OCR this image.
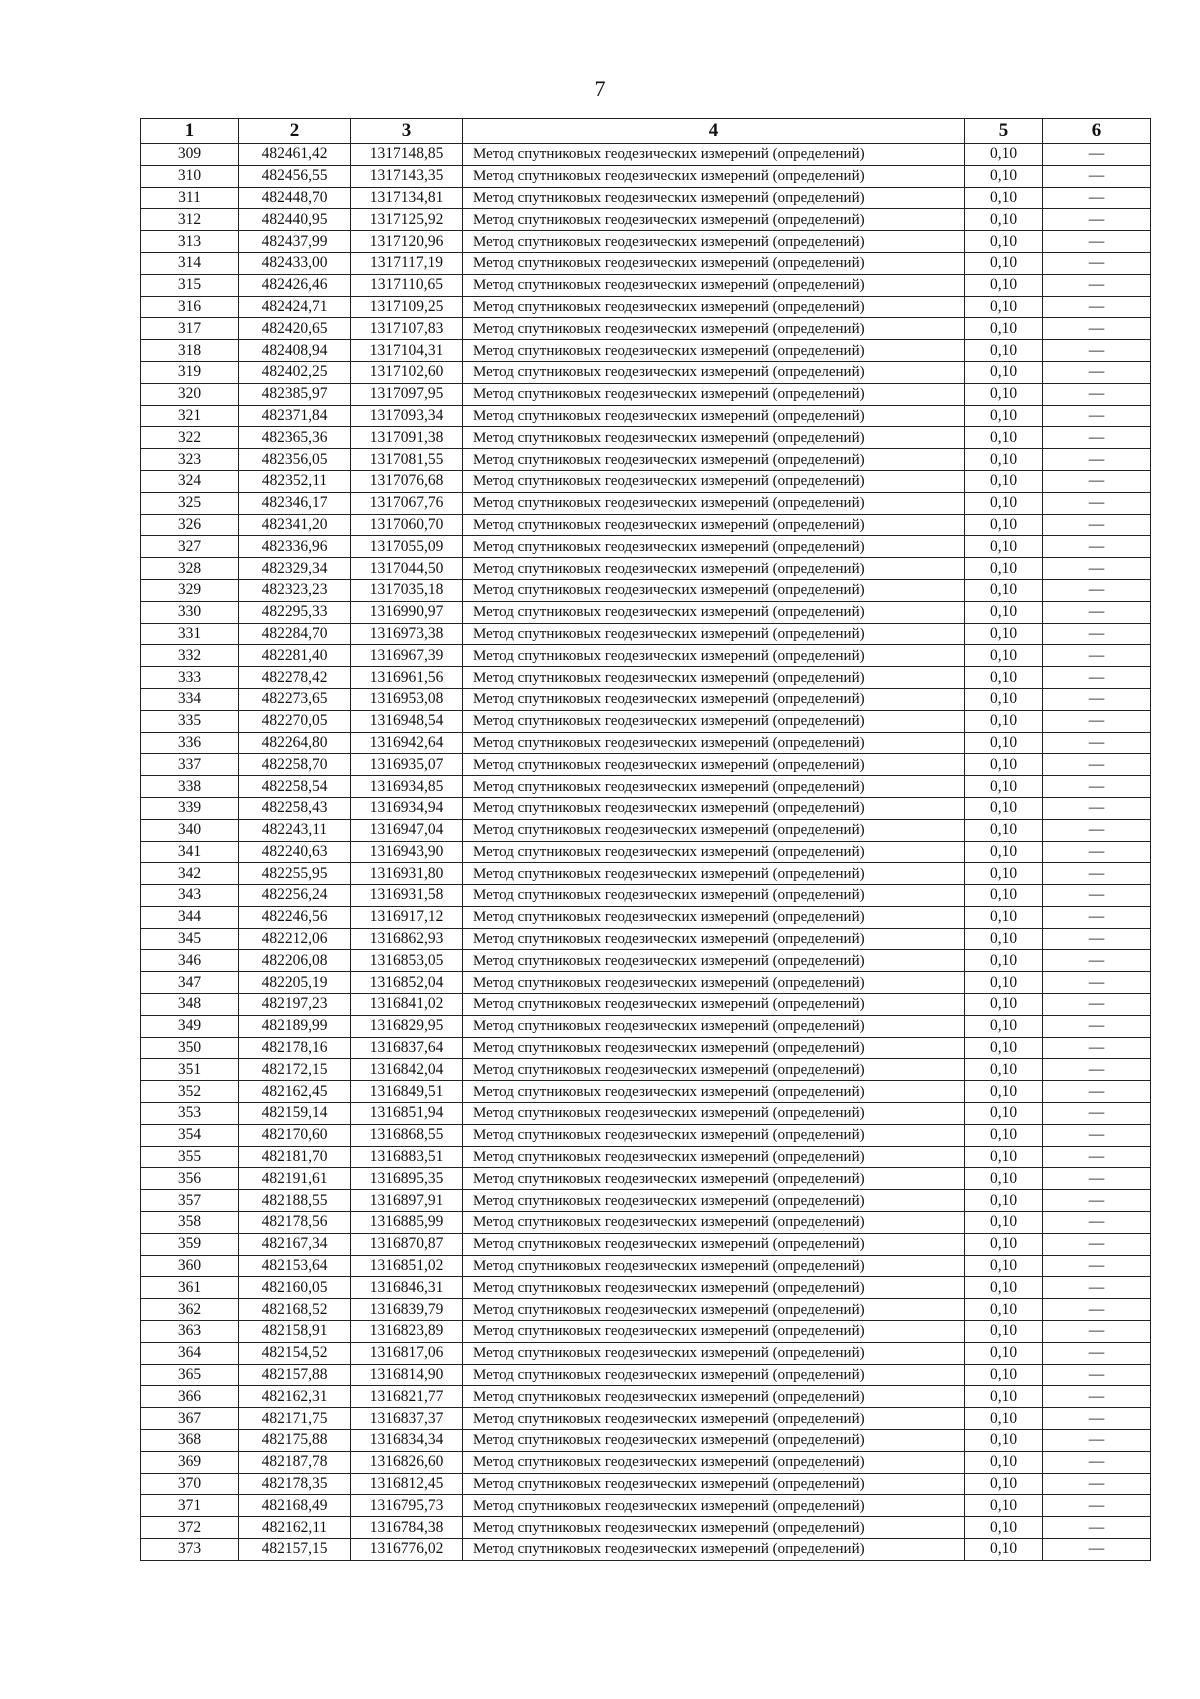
7
1	2	3	4	5	6
309	482461,42	1317148,85	Метод спутниковых геодезических измерений (определений)	0,10	—
310	482456,55	1317143,35	Метод спутниковых геодезических измерений (определений)	0,10	—
311	482448,70	1317134,81	Метод спутниковых геодезических измерений (определений)	0,10	—
312	482440,95	1317125,92	Метод спутниковых геодезических измерений (определений)	0,10	—
313	482437,99	1317120,96	Метод спутниковых геодезических измерений (определений)	0,10	—
314	482433,00	1317117,19	Метод спутниковых геодезических измерений (определений)	0,10	—
315	482426,46	1317110,65	Метод спутниковых геодезических измерений (определений)	0,10	—
316	482424,71	1317109,25	Метод спутниковых геодезических измерений (определений)	0,10	—
317	482420,65	1317107,83	Метод спутниковых геодезических измерений (определений)	0,10	—
318	482408,94	1317104,31	Метод спутниковых геодезических измерений (определений)	0,10	—
319	482402,25	1317102,60	Метод спутниковых геодезических измерений (определений)	0,10	—
320	482385,97	1317097,95	Метод спутниковых геодезических измерений (определений)	0,10	—
321	482371,84	1317093,34	Метод спутниковых геодезических измерений (определений)	0,10	—
322	482365,36	1317091,38	Метод спутниковых геодезических измерений (определений)	0,10	—
323	482356,05	1317081,55	Метод спутниковых геодезических измерений (определений)	0,10	—
324	482352,11	1317076,68	Метод спутниковых геодезических измерений (определений)	0,10	—
325	482346,17	1317067,76	Метод спутниковых геодезических измерений (определений)	0,10	—
326	482341,20	1317060,70	Метод спутниковых геодезических измерений (определений)	0,10	—
327	482336,96	1317055,09	Метод спутниковых геодезических измерений (определений)	0,10	—
328	482329,34	1317044,50	Метод спутниковых геодезических измерений (определений)	0,10	—
329	482323,23	1317035,18	Метод спутниковых геодезических измерений (определений)	0,10	—
330	482295,33	1316990,97	Метод спутниковых геодезических измерений (определений)	0,10	—
331	482284,70	1316973,38	Метод спутниковых геодезических измерений (определений)	0,10	—
332	482281,40	1316967,39	Метод спутниковых геодезических измерений (определений)	0,10	—
333	482278,42	1316961,56	Метод спутниковых геодезических измерений (определений)	0,10	—
334	482273,65	1316953,08	Метод спутниковых геодезических измерений (определений)	0,10	—
335	482270,05	1316948,54	Метод спутниковых геодезических измерений (определений)	0,10	—
336	482264,80	1316942,64	Метод спутниковых геодезических измерений (определений)	0,10	—
337	482258,70	1316935,07	Метод спутниковых геодезических измерений (определений)	0,10	—
338	482258,54	1316934,85	Метод спутниковых геодезических измерений (определений)	0,10	—
339	482258,43	1316934,94	Метод спутниковых геодезических измерений (определений)	0,10	—
340	482243,11	1316947,04	Метод спутниковых геодезических измерений (определений)	0,10	—
341	482240,63	1316943,90	Метод спутниковых геодезических измерений (определений)	0,10	—
342	482255,95	1316931,80	Метод спутниковых геодезических измерений (определений)	0,10	—
343	482256,24	1316931,58	Метод спутниковых геодезических измерений (определений)	0,10	—
344	482246,56	1316917,12	Метод спутниковых геодезических измерений (определений)	0,10	—
345	482212,06	1316862,93	Метод спутниковых геодезических измерений (определений)	0,10	—
346	482206,08	1316853,05	Метод спутниковых геодезических измерений (определений)	0,10	—
347	482205,19	1316852,04	Метод спутниковых геодезических измерений (определений)	0,10	—
348	482197,23	1316841,02	Метод спутниковых геодезических измерений (определений)	0,10	—
349	482189,99	1316829,95	Метод спутниковых геодезических измерений (определений)	0,10	—
350	482178,16	1316837,64	Метод спутниковых геодезических измерений (определений)	0,10	—
351	482172,15	1316842,04	Метод спутниковых геодезических измерений (определений)	0,10	—
352	482162,45	1316849,51	Метод спутниковых геодезических измерений (определений)	0,10	—
353	482159,14	1316851,94	Метод спутниковых геодезических измерений (определений)	0,10	—
354	482170,60	1316868,55	Метод спутниковых геодезических измерений (определений)	0,10	—
355	482181,70	1316883,51	Метод спутниковых геодезических измерений (определений)	0,10	—
356	482191,61	1316895,35	Метод спутниковых геодезических измерений (определений)	0,10	—
357	482188,55	1316897,91	Метод спутниковых геодезических измерений (определений)	0,10	—
358	482178,56	1316885,99	Метод спутниковых геодезических измерений (определений)	0,10	—
359	482167,34	1316870,87	Метод спутниковых геодезических измерений (определений)	0,10	—
360	482153,64	1316851,02	Метод спутниковых геодезических измерений (определений)	0,10	—
361	482160,05	1316846,31	Метод спутниковых геодезических измерений (определений)	0,10	—
362	482168,52	1316839,79	Метод спутниковых геодезических измерений (определений)	0,10	—
363	482158,91	1316823,89	Метод спутниковых геодезических измерений (определений)	0,10	—
364	482154,52	1316817,06	Метод спутниковых геодезических измерений (определений)	0,10	—
365	482157,88	1316814,90	Метод спутниковых геодезических измерений (определений)	0,10	—
366	482162,31	1316821,77	Метод спутниковых геодезических измерений (определений)	0,10	—
367	482171,75	1316837,37	Метод спутниковых геодезических измерений (определений)	0,10	—
368	482175,88	1316834,34	Метод спутниковых геодезических измерений (определений)	0,10	—
369	482187,78	1316826,60	Метод спутниковых геодезических измерений (определений)	0,10	—
370	482178,35	1316812,45	Метод спутниковых геодезических измерений (определений)	0,10	—
371	482168,49	1316795,73	Метод спутниковых геодезических измерений (определений)	0,10	—
372	482162,11	1316784,38	Метод спутниковых геодезических измерений (определений)	0,10	—
373	482157,15	1316776,02	Метод спутниковых геодезических измерений (определений)	0,10	—
